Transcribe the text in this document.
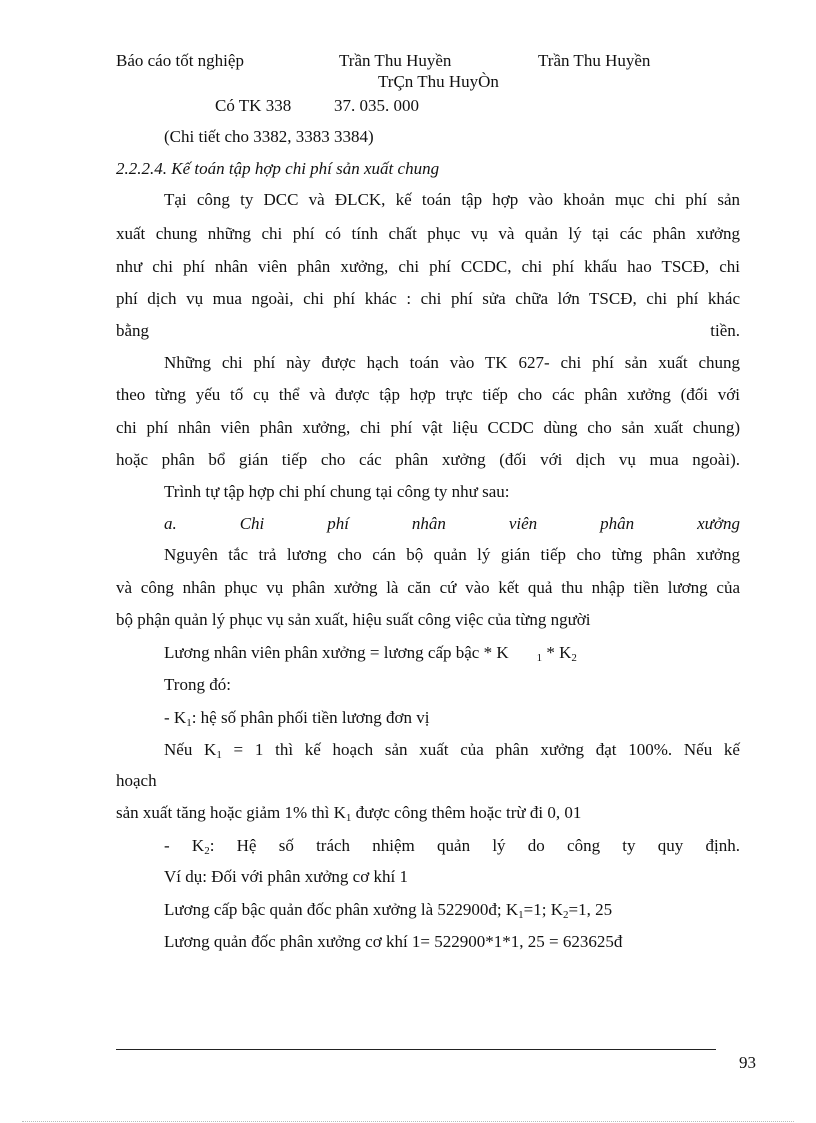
Báo cáo tốt nghiệp	Trần Thu Huyền	Trần Thu Huyền
TrÇn Thu HuyÒn
Có TK 338	37. 035. 000
(Chi tiết cho 3382, 3383 3384)
2.2.2.4. Kế toán tập hợp chi phí sản xuất chung
Tại công ty DCC và ĐLCK, kế toán tập hợp vào khoản mục chi phí sản
xuất chung những chi phí có tính chất phục vụ và quản lý tại các phân xưởng
như chi phí nhân viên phân xưởng, chi phí CCDC, chi phí khấu hao TSCĐ, chi
phí dịch vụ mua ngoài, chi phí khác : chi phí sửa chữa lớn TSCĐ, chi phí khác
bằng tiền.
Những chi phí này được hạch toán vào TK 627- chi phí sản xuất chung
theo từng yếu tố cụ thể và được tập hợp trực tiếp cho các phân xưởng (đối với
chi phí nhân viên phân xưởng, chi phí vật liệu CCDC dùng cho sản xuất chung)
hoặc phân bổ gián tiếp cho các phân xưởng (đối với dịch vụ mua ngoài).
Trình tự tập hợp chi phí chung tại công ty như sau:
a. Chi phí nhân viên phân xưởng
Nguyên tắc trả lương cho cán bộ quản lý gián tiếp cho từng phân xưởng
và công nhân phục vụ phân xưởng là căn cứ vào kết quả thu nhập tiền lương của
bộ phận quản lý phục vụ sản xuất, hiệu suất công việc của từng người
Lương nhân viên phân xưởng = lương cấp bậc * K	$_1 * K_2$
Trong đó:
- $K_1$: hệ số phân phối tiền lương đơn vị
Nếu $K_1 = 1$ thì kế hoạch sản xuất của phân xưởng đạt 100%. Nếu kế
hoạch
sản xuất tăng hoặc giảm 1% thì $K_1$ được công thêm hoặc trừ đi 0, 01
- $K_2$: Hệ số trách nhiệm quản lý do công ty quy định.
Ví dụ: Đối với phân xưởng cơ khí 1
Lương cấp bậc quản đốc phân xưởng là 522900đ; $K_1=1$; $K_2=1$, 25
Lương quản đốc phân xưởng cơ khí 1= 522900*1*1, 25 = 623625đ
93
